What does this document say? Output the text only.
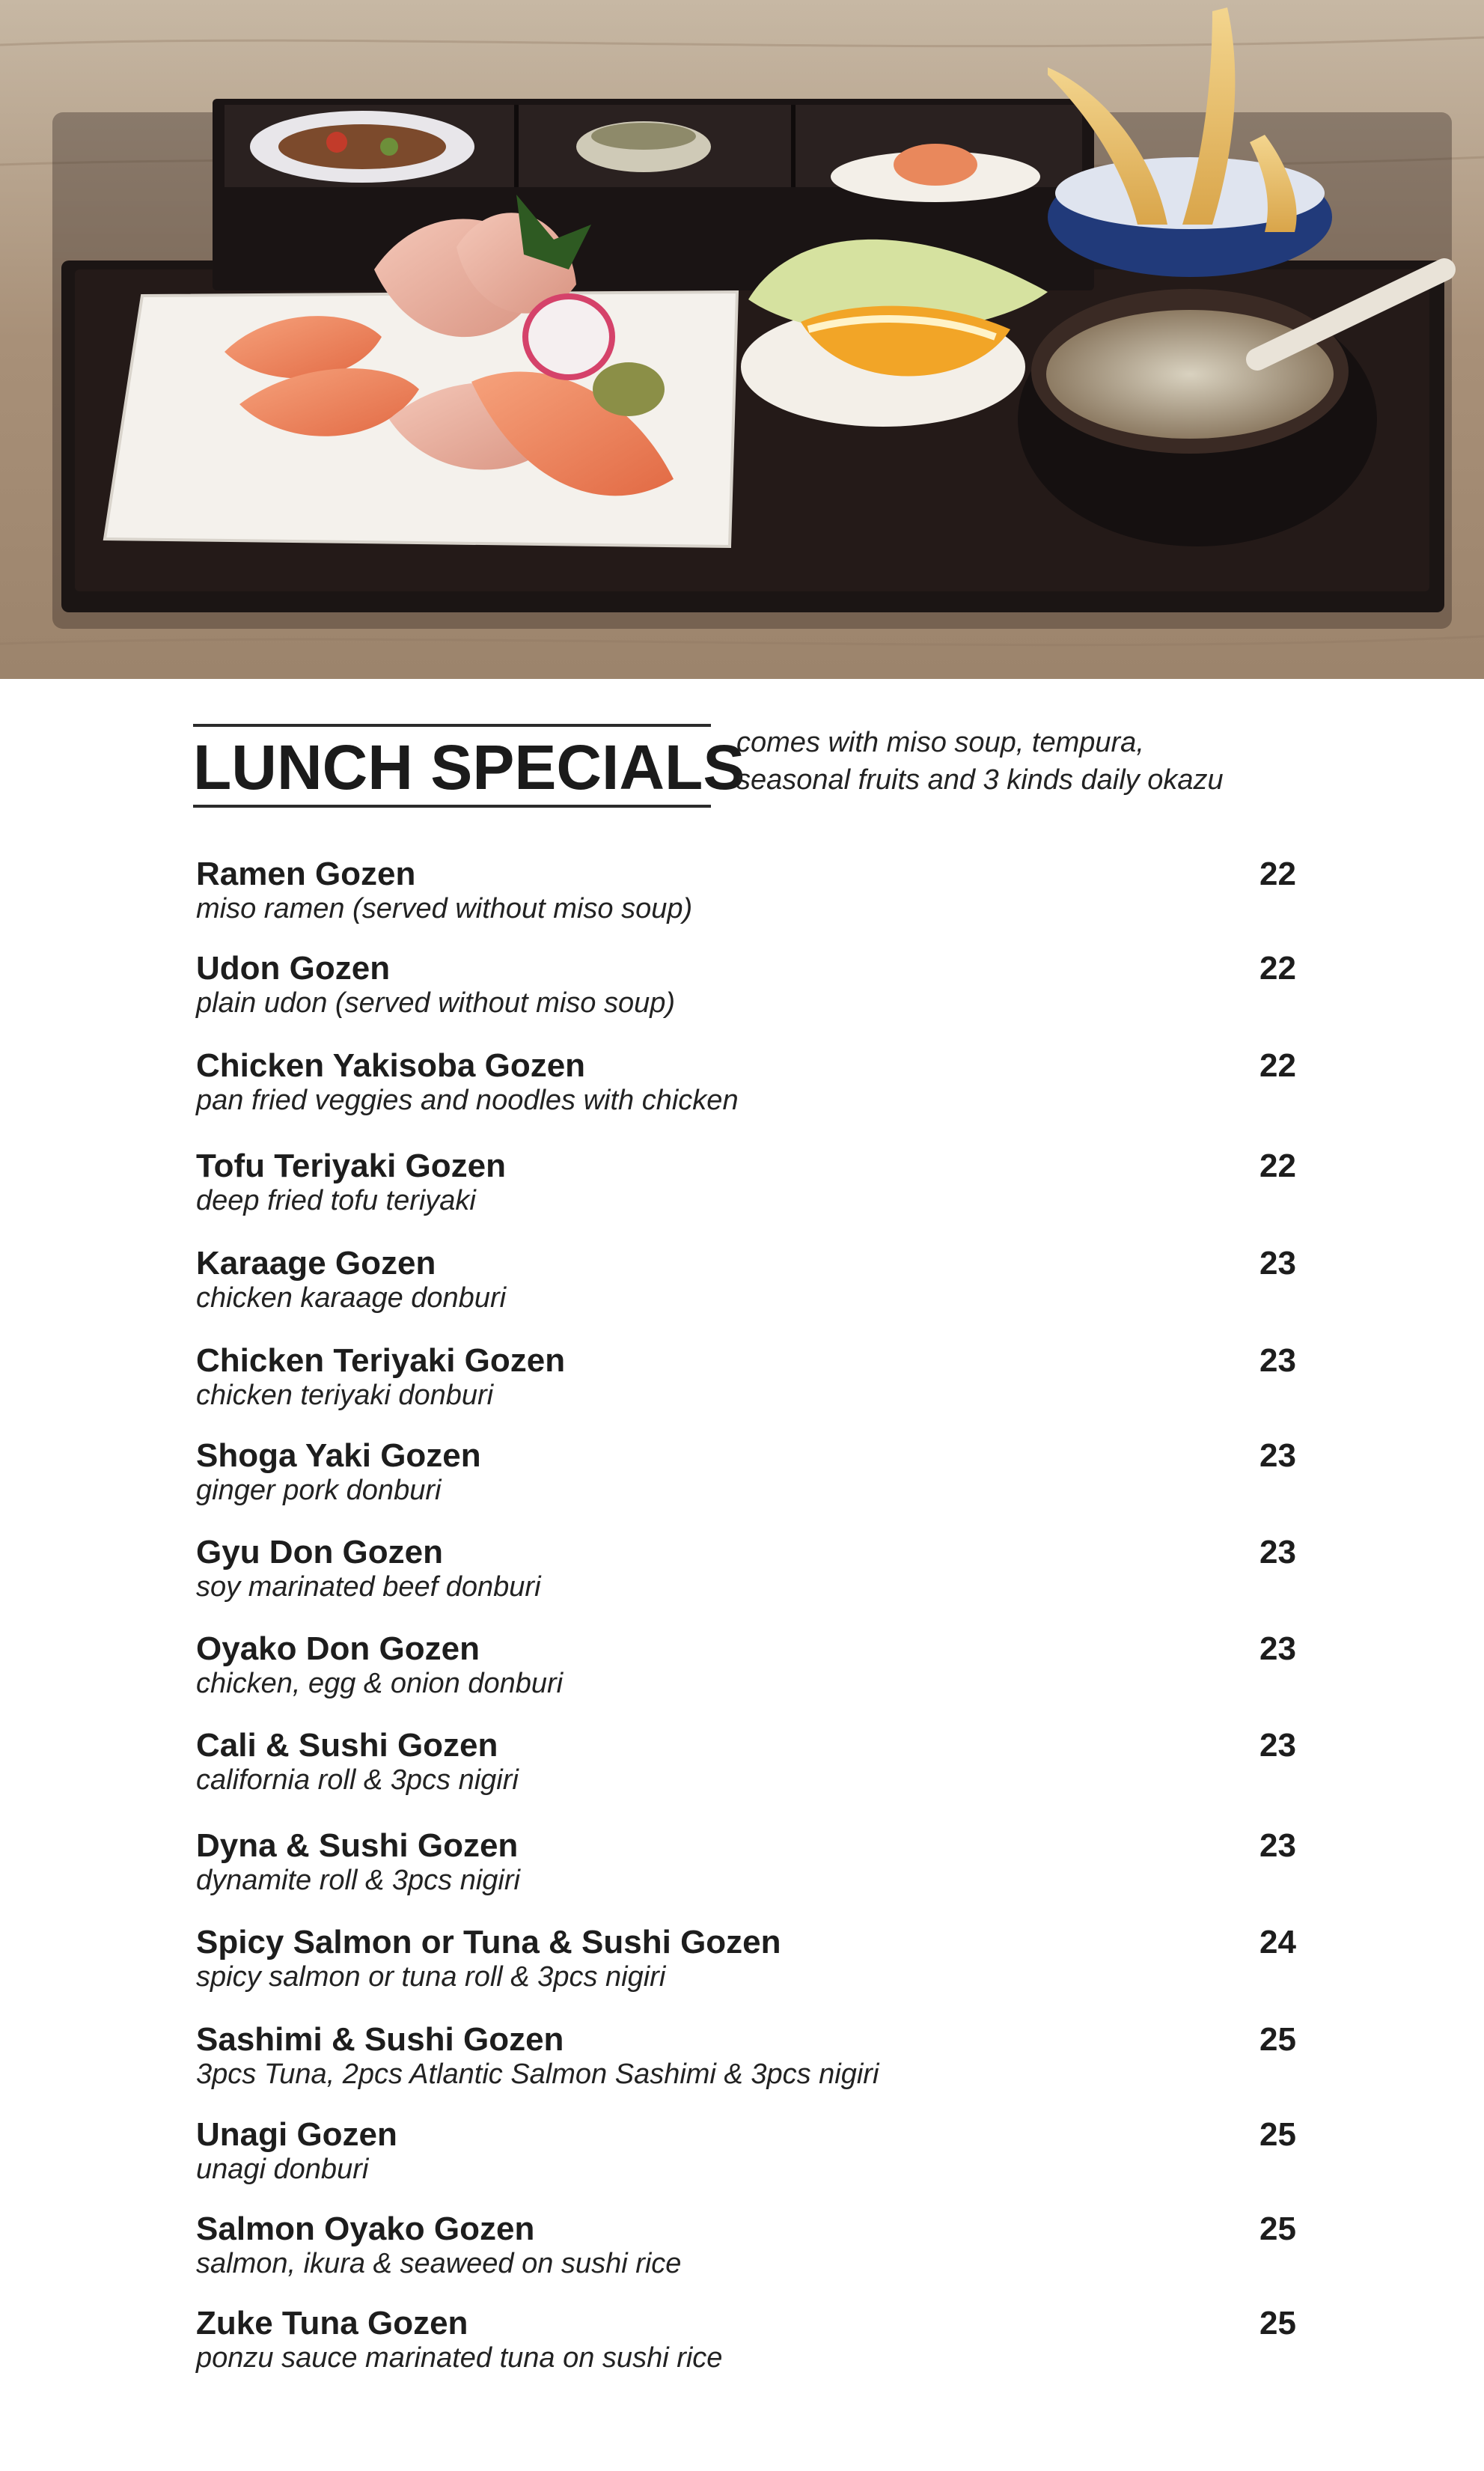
LUNCH SPECIALS
comes with miso soup, tempura,
seasonal fruits and 3 kinds daily okazu
Ramen Gozen
miso ramen (served without miso soup)
22
Udon Gozen
plain udon (served without miso soup)
22
Chicken Yakisoba Gozen
pan fried veggies and noodles with chicken
22
Tofu Teriyaki Gozen
deep fried tofu teriyaki
22
Karaage Gozen
chicken karaage donburi
23
Chicken Teriyaki Gozen
chicken teriyaki donburi
23
Shoga Yaki Gozen
ginger pork donburi
23
Gyu Don Gozen
soy marinated beef donburi
23
Oyako Don Gozen
chicken, egg & onion donburi
23
Cali & Sushi Gozen
california roll & 3pcs nigiri
23
Dyna & Sushi Gozen
dynamite roll & 3pcs nigiri
23
Spicy Salmon or Tuna & Sushi Gozen
spicy salmon or tuna roll & 3pcs nigiri
24
Sashimi & Sushi Gozen
3pcs Tuna, 2pcs Atlantic Salmon Sashimi & 3pcs nigiri
25
Unagi Gozen
unagi donburi
25
Salmon Oyako Gozen
salmon, ikura & seaweed on sushi rice
25
Zuke Tuna Gozen
ponzu sauce marinated tuna on sushi rice
25
